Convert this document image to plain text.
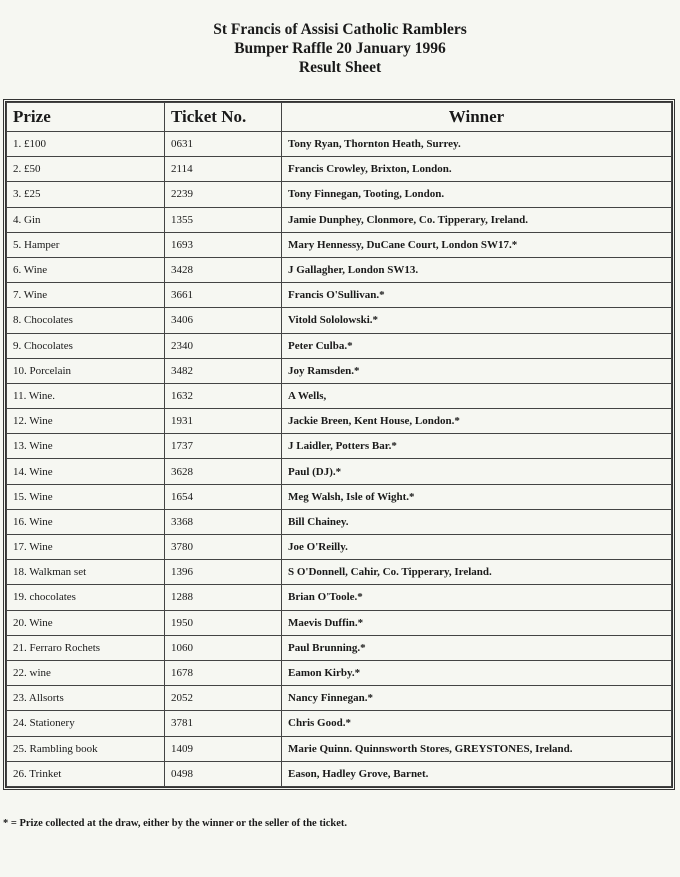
St Francis of Assisi Catholic Ramblers
Bumper Raffle 20 January 1996
Result Sheet
Prize	Ticket No.	Winner
1. £100	0631	Tony Ryan, Thornton Heath, Surrey.
2. £50	2114	Francis Crowley, Brixton, London.
3. £25	2239	Tony Finnegan, Tooting, London.
4. Gin	1355	Jamie Dunphey, Clonmore, Co. Tipperary, Ireland.
5. Hamper	1693	Mary Hennessy, DuCane Court, London SW17.*
6. Wine	3428	J Gallagher, London SW13.
7. Wine	3661	Francis O'Sullivan.*
8. Chocolates	3406	Vitold Sololowski.*
9. Chocolates	2340	Peter Culba.*
10. Porcelain	3482	Joy Ramsden.*
11. Wine.	1632	A Wells,
12. Wine	1931	Jackie Breen, Kent House, London.*
13. Wine	1737	J Laidler, Potters Bar.*
14. Wine	3628	Paul (DJ).*
15. Wine	1654	Meg Walsh, Isle of Wight.*
16. Wine	3368	Bill Chainey.
17. Wine	3780	Joe O'Reilly.
18. Walkman set	1396	S O'Donnell, Cahir, Co. Tipperary, Ireland.
19. chocolates	1288	Brian O'Toole.*
20. Wine	1950	Maevis Duffin.*
21. Ferraro Rochets	1060	Paul Brunning.*
22. wine	1678	Eamon Kirby.*
23. Allsorts	2052	Nancy Finnegan.*
24. Stationery	3781	Chris Good.*
25. Rambling book	1409	Marie Quinn. Quinnsworth Stores, GREYSTONES, Ireland.
26. Trinket	0498	Eason, Hadley Grove, Barnet.
* = Prize collected at the draw, either by the winner or the seller of the ticket.
